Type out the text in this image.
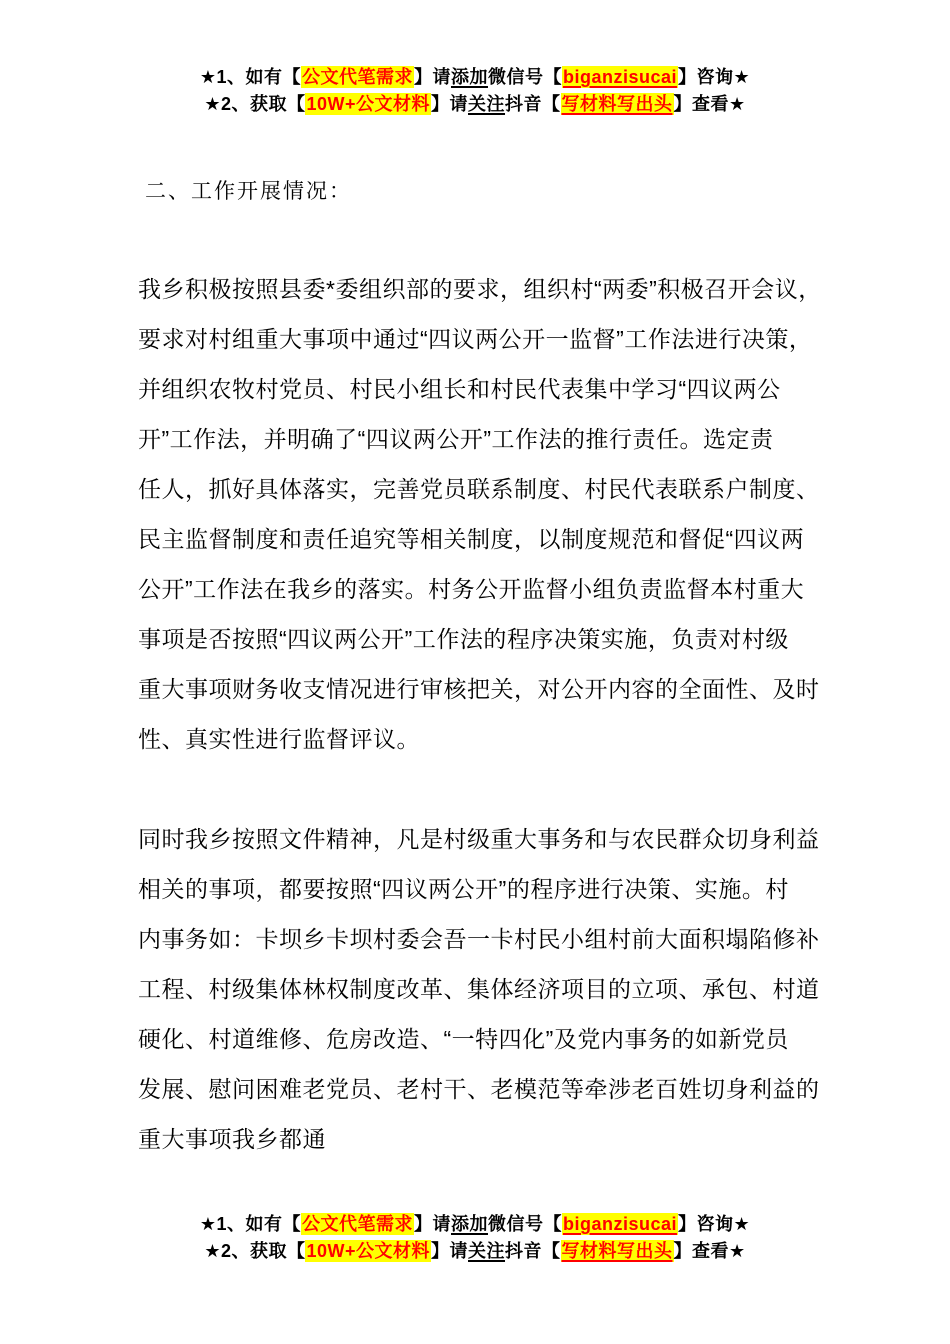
★1、如有【公文代笔需求】请添加微信号【biganzisucai】咨询★
★2、获取【10W+公文材料】请关注抖音【写材料写出头】查看★
二、工作开展情况：
我乡积极按照县委*委组织部的要求，组织村“两委”积极召开会议，
要求对村组重大事项中通过“四议两公开一监督”工作法进行决策，
并组织农牧村党员、村民小组长和村民代表集中学习“四议两公
开”工作法，并明确了“四议两公开”工作法的推行责任。选定责
任人，抓好具体落实，完善党员联系制度、村民代表联系户制度、
民主监督制度和责任追究等相关制度，以制度规范和督促“四议两
公开”工作法在我乡的落实。村务公开监督小组负责监督本村重大
事项是否按照“四议两公开”工作法的程序决策实施，负责对村级
重大事项财务收支情况进行审核把关，对公开内容的全面性、及时
性、真实性进行监督评议。
同时我乡按照文件精神，凡是村级重大事务和与农民群众切身利益
相关的事项，都要按照“四议两公开”的程序进行决策、实施。村
内事务如：卡坝乡卡坝村委会吾一卡村民小组村前大面积塌陷修补
工程、村级集体林权制度改革、集体经济项目的立项、承包、村道
硬化、村道维修、危房改造、“一特四化”及党内事务的如新党员
发展、慰问困难老党员、老村干、老模范等牵涉老百姓切身利益的
重大事项我乡都通
★1、如有【公文代笔需求】请添加微信号【biganzisucai】咨询★
★2、获取【10W+公文材料】请关注抖音【写材料写出头】查看★
